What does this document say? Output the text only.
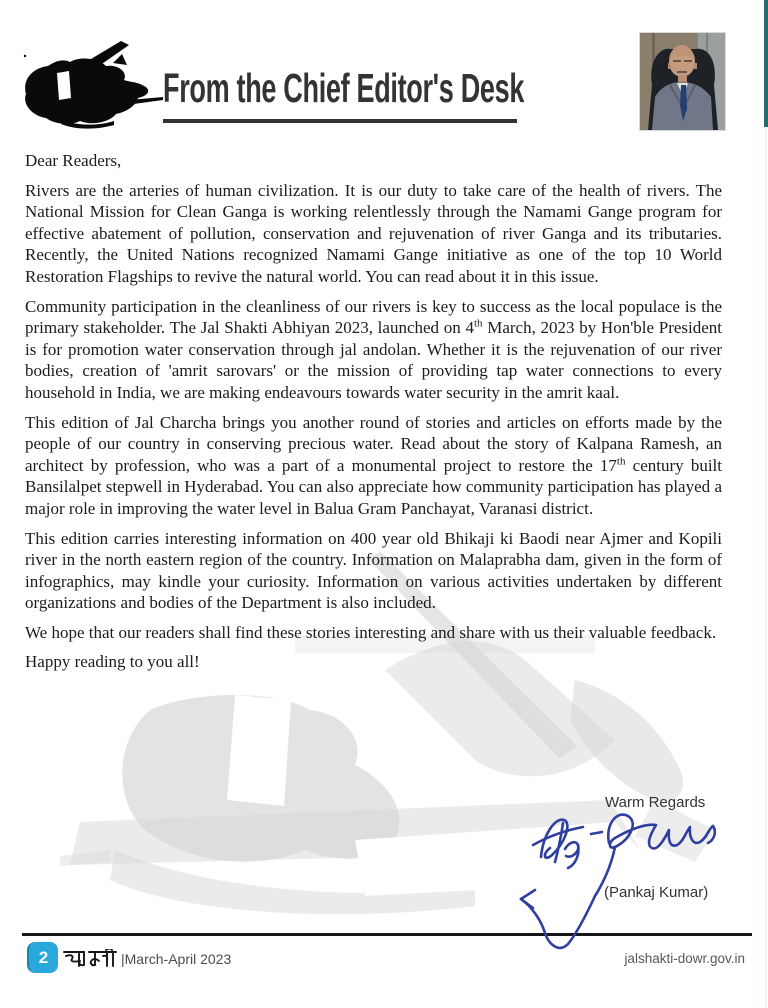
From the Chief Editor's Desk

Dear Readers,

Rivers are the arteries of human civilization. It is our duty to take care of the health of rivers. The National Mission for Clean Ganga is working relentlessly through the Namami Gange program for effective abatement of pollution, conservation and rejuvenation of river Ganga and its tributaries. Recently, the United Nations recognized Namami Gange initiative as one of the top 10 World Restoration Flagships to revive the natural world. You can read about it in this issue.

Community participation in the cleanliness of our rivers is key to success as the local populace is the primary stakeholder. The Jal Shakti Abhiyan 2023, launched on 4th March, 2023 by Hon'ble President is for promotion water conservation through jal andolan. Whether it is the rejuvenation of our river bodies, creation of 'amrit sarovars' or the mission of providing tap water connections to every household in India, we are making endeavours towards water security in the amrit kaal.

This edition of Jal Charcha brings you another round of stories and articles on efforts made by the people of our country in conserving precious water. Read about the story of Kalpana Ramesh, an architect by profession, who was a part of a monumental project to restore the 17th century built Bansilalpet stepwell in Hyderabad. You can also appreciate how community participation has played a major role in improving the water level in Balua Gram Panchayat, Varanasi district.

This edition carries interesting information on 400 year old Bhikaji ki Baodi near Ajmer and Kopili river in the north eastern region of the country. Information on Malaprabha dam, given in the form of infographics, may kindle your curiosity. Information on various activities undertaken by different organizations and bodies of the Department is also included.

We hope that our readers shall find these stories interesting and share with us their valuable feedback.

Happy reading to you all!

Warm Regards
(Pankaj Kumar)
2	|March-April 2023	jalshakti-dowr.gov.in
